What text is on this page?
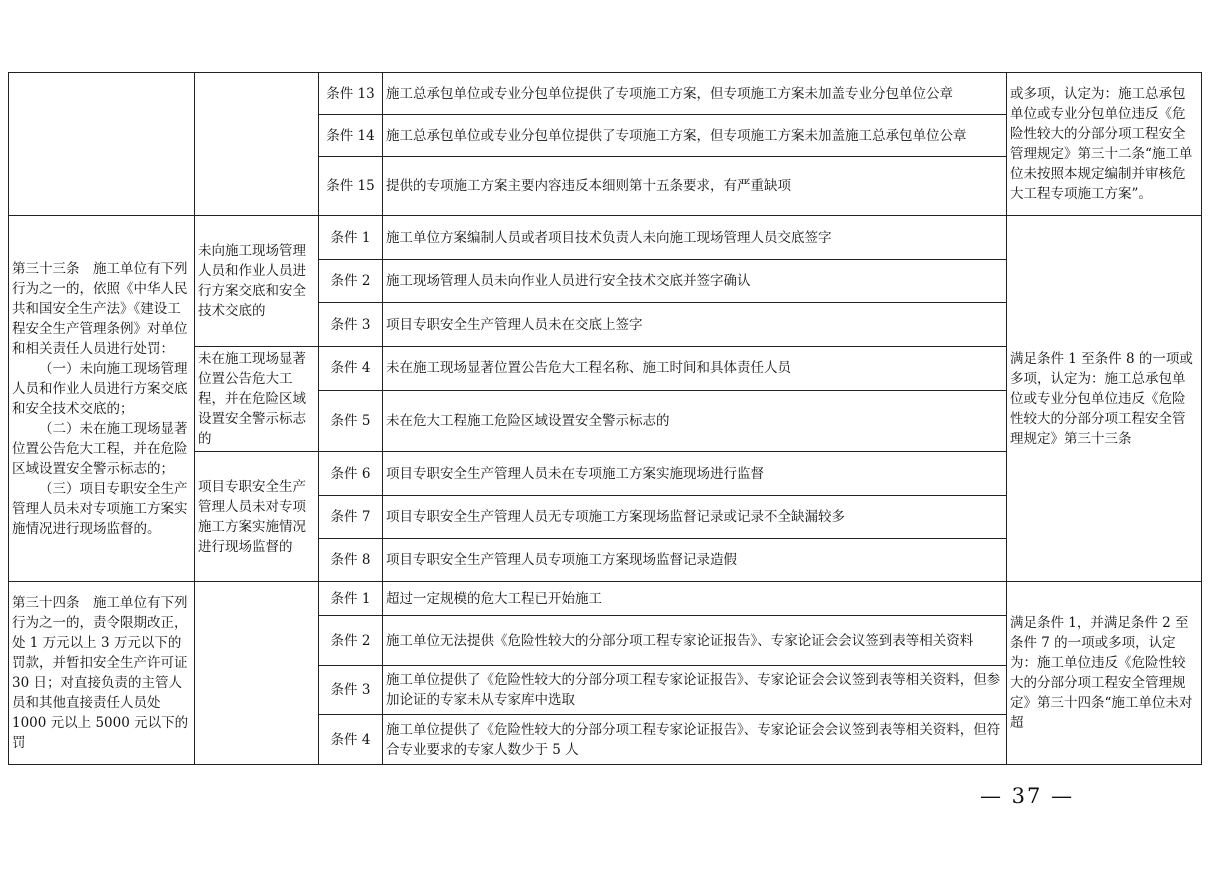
		条件 13	施工总承包单位或专业分包单位提供了专项施工方案，但专项施工方案未加盖专业分包单位公章	或多项，认定为：施工总承包单位或专业分包单位违反《危险性较大的分部分项工程安全管理规定》第三十二条“施工单位未按照本规定编制并审核危大工程专项施工方案”。
		条件 14	施工总承包单位或专业分包单位提供了专项施工方案，但专项施工方案未加盖施工总承包单位公章	
		条件 15	提供的专项施工方案主要内容违反本细则第十五条要求，有严重缺项	

第三十三条　施工单位有下列行为之一的，依照《中华人民共和国安全生产法》《建设工程安全生产管理条例》对单位和相关责任人员进行处罚：
（一）未向施工现场管理人员和作业人员进行方案交底和安全技术交底的；
（二）未在施工现场显著位置公告危大工程，并在危险区域设置安全警示标志的；
（三）项目专职安全生产管理人员未对专项施工方案实施情况进行现场监督的。	未向施工现场管理人员和作业人员进行方案交底和安全技术交底的	条件 1	施工单位方案编制人员或者项目技术负责人未向施工现场管理人员交底签字	满足条件 1 至条件 8 的一项或多项，认定为：施工总承包单位或专业分包单位违反《危险性较大的分部分项工程安全管理规定》第三十三条
		条件 2	施工现场管理人员未向作业人员进行安全技术交底并签字确认	
		条件 3	项目专职安全生产管理人员未在交底上签字	
	未在施工现场显著位置公告危大工程，并在危险区域设置安全警示标志的	条件 4	未在施工现场显著位置公告危大工程名称、施工时间和具体责任人员	
		条件 5	未在危大工程施工危险区域设置安全警示标志的	
	项目专职安全生产管理人员未对专项施工方案实施情况进行现场监督的	条件 6	项目专职安全生产管理人员未在专项施工方案实施现场进行监督	
		条件 7	项目专职安全生产管理人员无专项施工方案现场监督记录或记录不全缺漏较多	
		条件 8	项目专职安全生产管理人员专项施工方案现场监督记录造假	
第三十四条　施工单位有下列行为之一的，责令限期改正，处 1 万元以上 3 万元以下的罚款，并暂扣安全生产许可证 30 日；对直接负责的主管人员和其他直接责任人员处 1000 元以上 5000 元以下的罚		条件 1	超过一定规模的危大工程已开始施工	满足条件 1，并满足条件 2 至条件 7 的一项或多项，认定为：施工单位违反《危险性较大的分部分项工程安全管理规定》第三十四条“施工单位未对超
		条件 2	施工单位无法提供《危险性较大的分部分项工程专家论证报告》、专家论证会会议签到表等相关资料	
		条件 3	施工单位提供了《危险性较大的分部分项工程专家论证报告》、专家论证会会议签到表等相关资料，但参加论证的专家未从专家库中选取	
		条件 4	施工单位提供了《危险性较大的分部分项工程专家论证报告》、专家论证会会议签到表等相关资料，但符合专业要求的专家人数少于 5 人	
— 37 —
